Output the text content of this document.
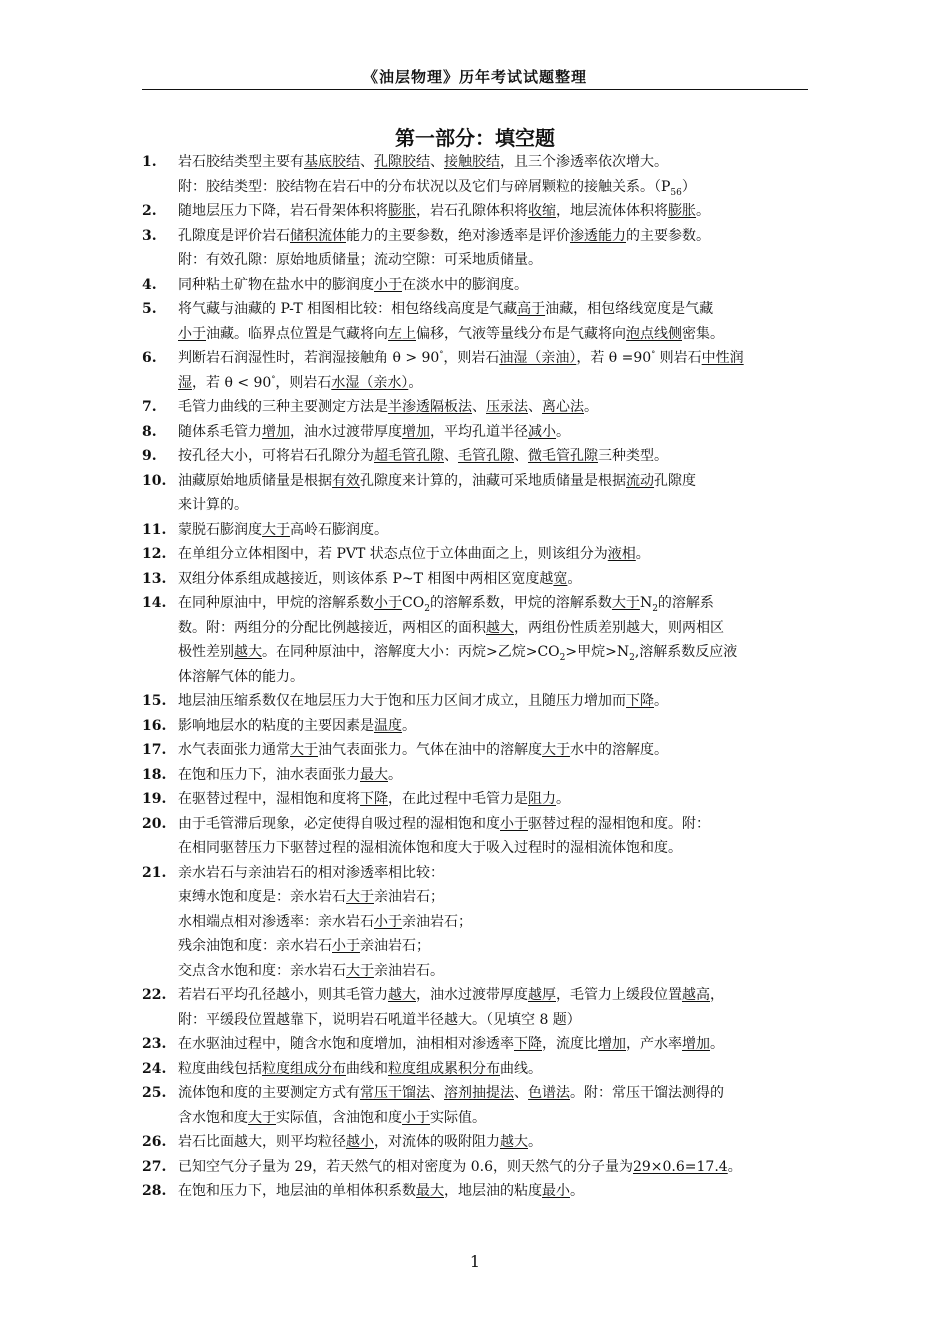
《油层物理》历年考试试题整理
第一部分：填空题
1.	岩石胶结类型主要有基底胶结、孔隙胶结、接触胶结，且三个渗透率依次增大。
附：胶结类型：胶结物在岩石中的分布状况以及它们与碎屑颗粒的接触关系。$(P_{56})$
2.	随地层压力下降，岩石骨架体积将膨胀，岩石孔隙体积将收缩，地层流体体积将膨胀。
3.	孔隙度是评价岩石储积流体能力的主要参数，绝对渗透率是评价渗透能力的主要参数。
附：有效孔隙：原始地质储量；流动空隙：可采地质储量。
4.	同种粘土矿物在盐水中的膨润度小于在淡水中的膨润度。
5.	将气藏与油藏的 P-T 相图相比较：相包络线高度是气藏高于油藏，相包络线宽度是气藏
小于油藏。临界点位置是气藏将向左上偏移，气液等量线分布是气藏将向泡点线侧密集。
6.	判断岩石润湿性时，若润湿接触角 θ > 90°，则岩石油湿（亲油），若 θ =90° 则岩石中性润
湿，若 θ < 90°，则岩石水湿（亲水）。
7.	毛管力曲线的三种主要测定方法是半渗透隔板法、压汞法、离心法。
8.	随体系毛管力增加，油水过渡带厚度增加，平均孔道半径减小。
9.	按孔径大小，可将岩石孔隙分为超毛管孔隙、毛管孔隙、微毛管孔隙三种类型。
10. 油藏原始地质储量是根据有效孔隙度来计算的，油藏可采地质储量是根据流动孔隙度
来计算的。
11. 蒙脱石膨润度大于高岭石膨润度。
12. 在单组分立体相图中，若 PVT 状态点位于立体曲面之上，则该组分为液相。
13. 双组分体系组成越接近，则该体系 P~T 相图中两相区宽度越宽。
14. 在同种原油中，甲烷的溶解系数小于$CO_2$的溶解系数，甲烷的溶解系数大于$N_2$的溶解系
数。附：两组分的分配比例越接近，两相区的面积越大，两组份性质差别越大，则两相区
极性差别越大。在同种原油中，溶解度大小：丙烷>乙烷$>CO_2>$甲烷$>N_2$,溶解系数反应液
体溶解气体的能力。
15. 地层油压缩系数仅在地层压力大于饱和压力区间才成立，且随压力增加而下降。
16. 影响地层水的粘度的主要因素是温度。
17. 水气表面张力通常大于油气表面张力。气体在油中的溶解度大于水中的溶解度。
18. 在饱和压力下，油水表面张力最大。
19. 在驱替过程中，湿相饱和度将下降，在此过程中毛管力是阻力。
20. 由于毛管滞后现象，必定使得自吸过程的湿相饱和度小于驱替过程的湿相饱和度。附：
在相同驱替压力下驱替过程的湿相流体饱和度大于吸入过程时的湿相流体饱和度。
21. 亲水岩石与亲油岩石的相对渗透率相比较：
束缚水饱和度是：亲水岩石大于亲油岩石；
水相端点相对渗透率：亲水岩石小于亲油岩石；
残余油饱和度：亲水岩石小于亲油岩石；
交点含水饱和度：亲水岩石大于亲油岩石。
22. 若岩石平均孔径越小，则其毛管力越大，油水过渡带厚度越厚，毛管力上缓段位置越高，
附：平缓段位置越靠下，说明岩石吼道半径越大。（见填空 8 题）
23. 在水驱油过程中，随含水饱和度增加，油相相对渗透率下降，流度比增加，产水率增加。
24. 粒度曲线包括粒度组成分布曲线和粒度组成累积分布曲线。
25. 流体饱和度的主要测定方式有常压干馏法、溶剂抽提法、色谱法。附：常压干馏法测得的
含水饱和度大于实际值，含油饱和度小于实际值。
26. 岩石比面越大，则平均粒径越小，对流体的吸附阻力越大。
27. 已知空气分子量为 29，若天然气的相对密度为 0.6，则天然气的分子量为29×0.6=17.4。
28. 在饱和压力下，地层油的单相体积系数最大，地层油的粘度最小。
1
